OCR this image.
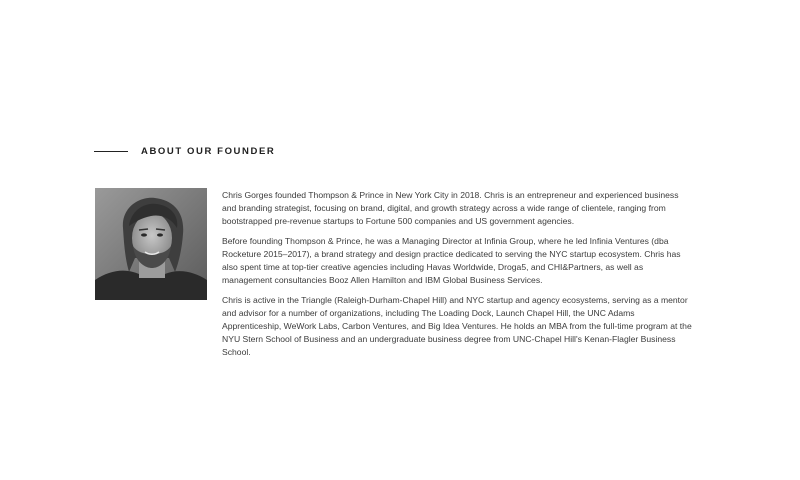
ABOUT OUR FOUNDER

Chris Gorges founded Thompson & Prince in New York City in 2018. Chris is an entrepreneur and experienced business and branding strategist, focusing on brand, digital, and growth strategy across a wide range of clientele, ranging from bootstrapped pre-revenue startups to Fortune 500 companies and US government agencies.

Before founding Thompson & Prince, he was a Managing Director at Infinia Group, where he led Infinia Ventures (dba Rocketure 2015–2017), a brand strategy and design practice dedicated to serving the NYC startup ecosystem. Chris has also spent time at top-tier creative agencies including Havas Worldwide, Droga5, and CHI&Partners, as well as management consultancies Booz Allen Hamilton and IBM Global Business Services.

Chris is active in the Triangle (Raleigh-Durham-Chapel Hill) and NYC startup and agency ecosystems, serving as a mentor and advisor for a number of organizations, including The Loading Dock, Launch Chapel Hill, the UNC Adams Apprenticeship, WeWork Labs, Carbon Ventures, and Big Idea Ventures. He holds an MBA from the full-time program at the NYU Stern School of Business and an undergraduate business degree from UNC-Chapel Hill's Kenan-Flagler Business School.
